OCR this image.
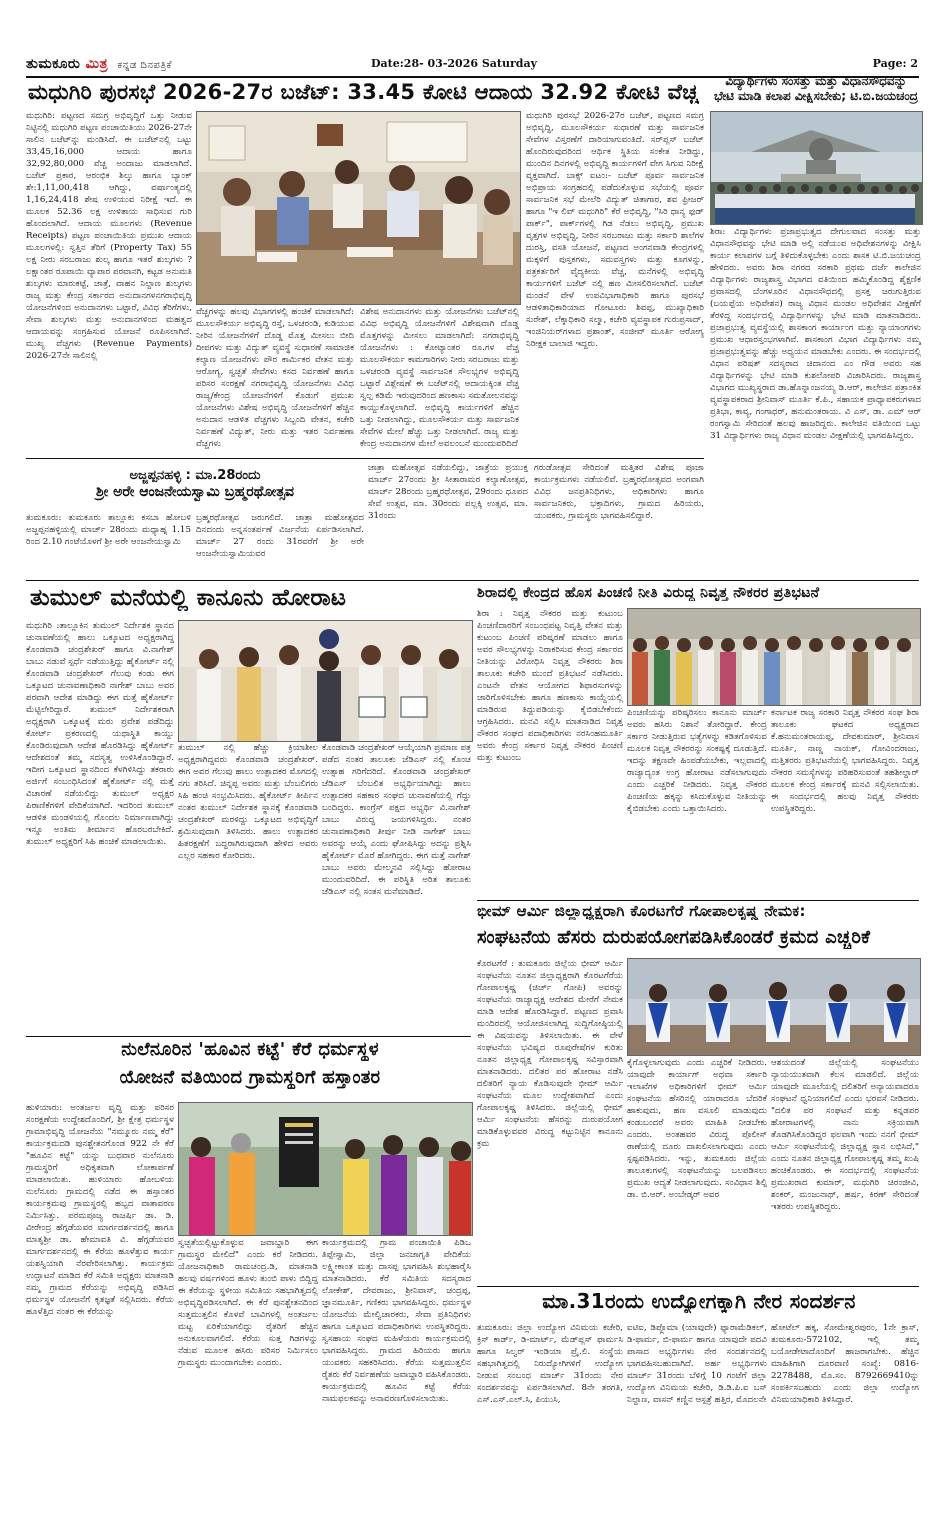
ತುಮಕೂರು ಮಿತ್ರ ಕನ್ನಡ ದಿನಪತ್ರಿಕೆ	Date:28- 03-2026 Saturday	Page: 2
ಮಧುಗಿರಿ ಪುರಸಭೆ 2026-27ರ ಬಜೆಟ್: 33.45 ಕೋಟಿ ಆದಾಯ 32.92 ಕೋಟಿ ವೆಚ್ಚ
ಮಧುಗಿರಿ: ಪಟ್ಟಣದ ಸಮಗ್ರ ಅಭಿವೃದ್ಧಿಗೆ ಒತ್ತು ನೀಡುವ ನಿಟ್ಟಿನಲ್ಲಿ ಮಧುಗಿರಿ ಪಟ್ಟಣ ಪಂಚಾಯಿತಿಯು 2026-27ನೇ ಸಾಲಿನ ಬಜೆಟ್‌ನ್ನು ಮಂಡಿಸಿದೆ. ಈ ಬಜೆಟ್‌ನಲ್ಲಿ ಒಟ್ಟು 33,45,16,000 ಆದಾಯ ಹಾಗೂ 32,92,80,000 ವೆಚ್ಚ ಅಂದಾಜು ಮಾಡಲಾಗಿದೆ. ಬಜೆಟ್ ಪ್ರಕಾರ, ಆರಂಭಿಕ ಶಿಲ್ಕು ಹಾಗೂ ಬ್ಯಾಂಕ್ ಶೇ:1,11,00,418 ಆಗಿದ್ದು, ವರ್ಷಾಂತ್ಯದಲ್ಲಿ 1,16,24,418 ಶೇಷ ಉಳಿಯುವ ನಿರೀಕ್ಷೆ ಇದೆ. ಈ ಮೂಲಕ 52.36 ಲಕ್ಷ ಉಳಿತಾಯ ಸಾಧಿಸುವ ಗುರಿ ಹೊಂದಲಾಗಿದೆ. ಆದಾಯ ಮೂಲಗಳು (Revenue Receipts) ಪಟ್ಟಣ ಪಂಚಾಯಿತಿಯ ಪ್ರಮುಖ ಆದಾಯ ಮೂಲಗಳಲ್ಲಿ: ಸ್ವತ್ತಿನ ತೆರಿಗೆ (Property Tax) 55 ಲಕ್ಷ ನೀರು ಸರಬರಾಜು ಶುಲ್ಕ ಹಾಗೂ ಇತರೆ ಶುಲ್ಕಗಳು ? ಲಕ್ಷಾಂತರ ರೂಪಾಯಿ ವ್ಯಾಪಾರ ಪರವಾನಗಿ, ಕಟ್ಟಡ ಅನುಮತಿ ಶುಲ್ಕಗಳು ಮಾರುಕಟ್ಟೆ, ಜಾತ್ರೆ, ವಾಹನ ನಿಲ್ದಾಣ ಶುಲ್ಕಗಳು ರಾಜ್ಯ ಮತ್ತು ಕೇಂದ್ರ ಸರ್ಕಾರದ ಅನುದಾನಗಳನಗರಾಭಿವೃದ್ಧಿ ಯೋಜನೆಗಳಿಂದ ಅನುದಾನಗಳು ಒಟ್ಟಾರೆ, ವಿವಿಧ ತೆರಿಗೆಗಳು, ಸೇವಾ ಶುಲ್ಕಗಳು ಮತ್ತು ಅನುದಾನಗಳಿಂದ ಮಹತ್ವದ ಆದಾಯವನ್ನು ಸಂಗ್ರಹಿಸುವ ಯೋಜನೆ ರೂಪಿಸಲಾಗಿದೆ. ಮುಖ್ಯ ವೆಚ್ಚಗಳು (Revenue Payments) 2026-27ನೇ ಸಾಲಿನಲ್ಲಿ
ವೆಚ್ಚಗಳನ್ನು ಹಲವು ವಿಭಾಗಗಳಲ್ಲಿ ಹಂಚಿಕೆ ಮಾಡಲಾಗಿದೆ: ಮೂಲಸೌಕರ್ಯ ಅಭಿವೃದ್ಧಿ ರಸ್ತೆ, ಒಳಚರಂಡಿ, ಕುಡಿಯುವ ನೀರಿನ ಯೋಜನೆಗಳಿಗೆ ದೊಡ್ಡ ಮೊತ್ತ ಮೀಸಲು ಬೀದಿ ದೀಪಗಳು ಮತ್ತು ವಿದ್ಯುತ್ ವ್ಯವಸ್ಥೆ ಸುಧಾರಣೆ ಸಾಮಾಜಿಕ ಕಲ್ಯಾಣ ಯೋಜನೆಗಳು ಪೌರ ಕಾರ್ಮಿಕರ ವೇತನ ಮತ್ತು ಆರೋಗ್ಯ, ಸ್ವಚ್ಛತೆ ಸೇವೆಗಳು ಕಸದ ನಿರ್ವಹಣೆ ಹಾಗೂ ಪರಿಸರ ಸಂರಕ್ಷಣೆ ನಗರಾಭಿವೃದ್ಧಿ ಯೋಜನೆಗಳು ವಿವಿಧ ರಾಜ್ಯ/ಕೇಂದ್ರ ಯೋಜನೆಗಳಿಗೆ ಕೊಡುಗೆ ಪ್ರಮುಖ ಯೋಜನೆಗಳು ವಿಶೇಷ ಅಭಿವೃದ್ಧಿ ಯೋಜನೆಗಳಿಗೆ ಹೆಚ್ಚಿನ ಅನುದಾನ ಆಡಳಿತ ವೆಚ್ಚಗಳು ಸಿಬ್ಬಂದಿ ವೇತನ, ಕಚೇರಿ ನಿರ್ವಹಣೆ ವಿದ್ಯುತ್, ನೀರು ಮತ್ತು ಇತರ ನಿರ್ವಹಣಾ ವೆಚ್ಚಗಳು
ವಿಶೇಷ ಅನುದಾನಗಳು ಮತ್ತು ಯೋಜನೆಗಳು ಬಜೆಟ್‌ನಲ್ಲಿ ವಿವಿಧ ಅಭಿವೃದ್ಧಿ ಯೋಜನೆಗಳಿಗೆ ವಿಶೇಷವಾಗಿ ದೊಡ್ಡ ಮೊತ್ತಗಳನ್ನು ಮೀಸಲು ಮಾಡಲಾಗಿದೆ: ನಗರಾಭಿವೃದ್ಧಿ ಯೋಜನೆಗಳು : ಕೋಟ್ಯಾಂತರ ರೂ.ಗಳ ವೆಚ್ಚ ಮೂಲಸೌಕರ್ಯ ಕಾಮಗಾರಿಗಳು ನೀರು ಸರಬರಾಜು ಮತ್ತು ಒಳಚರಂಡಿ ವ್ಯವಸ್ಥೆ ಸಾರ್ವಜನಿಕ ಸೌಲಭ್ಯಗಳ ಅಭಿವೃದ್ಧಿ ಒಟ್ಟಾರೆ ವಿಶ್ಲೇಷಣೆ ಈ ಬಜೆಟ್‌ನಲ್ಲಿ ಆದಾಯಕ್ಕಿಂತ ವೆಚ್ಚ ಸ್ವಲ್ಪ ಕಡಿಮೆ ಇರುವುದರಿಂದ ಹಣಕಾಸು ಸಮತೋಲನವನ್ನು ಕಾಯ್ದುಕೊಳ್ಳಲಾಗಿದೆ. ಅಭಿವೃದ್ಧಿ ಕಾರ್ಯಗಳಿಗೆ ಹೆಚ್ಚಿನ ಒತ್ತು ನೀಡಲಾಗಿದ್ದು, ಮೂಲಸೌಕರ್ಯ ಮತ್ತು ಸಾರ್ವಜನಿಕ ಸೇವೆಗಳ ಮೇಲೆ ಹೆಚ್ಚು ಒತ್ತು ನೀಡಲಾಗಿದೆ. ರಾಜ್ಯ ಮತ್ತು ಕೇಂದ್ರ ಅನುದಾನಗಳ ಮೇಲೆ ಅವಲಂಬನೆ ಮುಂದುವರಿದಿದೆ
ಮಧುಗಿರಿ ಪುರಸಭೆ 2026-27ರ ಬಜೆಟ್, ಪಟ್ಟಣದ ಸಮಗ್ರ ಅಭಿವೃದ್ಧಿ, ಮೂಲಸೌಕರ್ಯ ಸುಧಾರಣೆ ಮತ್ತು ಸಾರ್ವಜನಿಕ ಸೇವೆಗಳ ವಿಸ್ತರಣೆಗೆ ದಾರಿಯಾಗುವಂತಿದೆ. ಸರ್‌ಪ್ಲಸ್ ಬಜೆಟ್ ಹೊಂದಿರುವುದರಿಂದ ಆರ್ಥಿಕ ಸ್ಥಿತಿಯ ಸಂಕೇತ ನೀಡಿದ್ದು, ಮುಂದಿನ ದಿನಗಳಲ್ಲಿ ಅಭಿವೃದ್ಧಿ ಕಾರ್ಯಗಳಿಗೆ ವೇಗ ಸಿಗುವ ನಿರೀಕ್ಷೆ ವ್ಯಕ್ತವಾಗಿದೆ. ಬಾಕ್ಸ್ ಐಟಂ:- ಬಜೆಟ್ ಪೂರ್ವ ಸಾರ್ವಜನಿಕ ಅಭಿಪ್ರಾಯ ಸಂಗ್ರಹದಲ್ಲಿ ಪಡೆದುಕೊಳ್ಳುವ ಸಭೆಯಲ್ಲಿ ಪೂರ್ವ ಸಾರ್ವಜನಿಕ ಸಭೆ ಮೇಲೆರಿ ವಿದ್ಯುತ್ ಚಿತಾಗಾರ, ಶವ ಫ್ರೀಜರ್ ಹಾಗೂ "ಇ ಲಿವ್ ಮಧುಗಿರಿ" ಕೆರೆ ಅಭಿವೃದ್ಧಿ, "ಸಿರಿ ಧಾನ್ಯ ಫುಡ್ ಪಾರ್ಕ್", ಪಾರ್ಕ್‌ಗಳಲ್ಲಿ ಗಿಡ ನೆಡಲು ಅಭಿವೃದ್ಧಿ, ಪ್ರಮುಖ ವೃತ್ತಗಳ ಅಭಿವೃದ್ಧಿ, ನೀರಿನ ಸರಬರಾಜು ಮತ್ತು ಸರ್ಕಾರಿ ಶಾಲೆಗಳ ದುರಸ್ತಿ, ವಸತಿ ಯೋಜನೆ, ಪಟ್ಟಣದ ಅಂಗನವಾಡಿ ಕೇಂದ್ರಗಳಲ್ಲಿ ಮಕ್ಕಳಿಗೆ ಪುಸ್ತಕಗಳು, ಸಮವಸ್ತ್ರಗಳು ಮತ್ತು ಕೂಗಳನ್ನು, ಪತ್ರಕರ್ತರಿಗೆ ವೈದ್ಯಕೀಯ ವೆಚ್ಚ, ಮನೆಗಳಲ್ಲಿ ಅಭಿವೃದ್ಧಿ ಕಾರ್ಯಗಳಿಗೆ ಬಜೆಟ್ ನಲ್ಲಿ ಹಣ ಮೀಸಲಿರಿಸಲಾಗಿದೆ. ಬಜೆಟ್ ಮಂಡನೆ ವೇಳೆ ಉಪವಿಭಾಗಾಧಿಕಾರಿ ಹಾಗೂ ಪುರಸಭೆ ಆಡಳಿತಾಧಿಕಾರಿಯಾದ ಗೋಟೂರು ಶಿವಪ್ಪ, ಮುಖ್ಯಾಧಿಕಾರಿ ಸುರೇಶ್, ಲೆಕ್ಕಾಧಿಕಾರಿ ಸಲ್ಮಾ, ಕಚೇರಿ ವ್ಯವಸ್ಥಾಪಕ ಗುರುಪ್ರಸಾದ್, ಇಂಜಿನಿಯರ್‌ಗಳಾದ ಪ್ರಶಾಂತ್, ಸಂಜೀವ್ ಮೂರ್ತಿ ಆರೋಗ್ಯ ನಿರೀಕ್ಷಕ ಬಾಲಾಜಿ ಇದ್ದರು.
ವಿದ್ಯಾರ್ಥಿಗಳು ಸಂಸತ್ತು ಮತ್ತು ವಿಧಾನಸೌಧವನ್ನು
ಭೇಟಿ ಮಾಡಿ ಕಲಾಪ ವೀಕ್ಷಿಸಬೇಕು; ಟಿ.ಬಿ.ಜಯಚಂದ್ರ
ಶಿರಾ: ವಿದ್ಯಾರ್ಥಿಗಳು ಪ್ರಜಾಪ್ರಭುತ್ವದ ದೇಗುಲವಾದ ಸಂಸತ್ತು ಮತ್ತು ವಿಧಾನಸೌಧವನ್ನು ಭೇಟಿ ಮಾಡಿ ಅಲ್ಲಿ ನಡೆಯುವ ಅಧಿವೇಶನಗಳನ್ನು ವೀಕ್ಷಿಸಿ ಕಾರ್ಯ ಕಲಾಪಗಳ ಬಗ್ಗೆ ತಿಳಿದುಕೊಳ್ಳಬೇಕು ಎಂದು ಶಾಸಕ ಟಿ.ಬಿ.ಜಯಚಂದ್ರ ಹೇಳಿದರು. ಅವರು ಶಿರಾ ನಗರದ ಸರಕಾರಿ ಪ್ರಥಮ ದರ್ಜೆ ಕಾಲೇಜಿನ ವಿದ್ಯಾರ್ಥಿಗಳು ರಾಜ್ಯಶಾಸ್ತ್ರ ವಿಭಾಗದ ವತಿಯಿಂದ ಹಮ್ಮಿಕೊಂಡಿದ್ದ ಶೈಕ್ಷಣಿಕ ಪ್ರವಾಸದಲ್ಲಿ ಬೆಂಗಳೂರಿನ ವಿಧಾನಸೌಧದಲ್ಲಿ ಪ್ರಸಕ್ತ ಜರುಗುತ್ತಿರುವ (ಬಯಪ್ಪೆಯ ಅಧಿವೇಶನ) ರಾಜ್ಯ ವಿಧಾನ ಮಂಡಲ ಅಧಿವೇಶನ ವೀಕ್ಷಣೆಗೆ ತೆರಳಿದ್ದ ಸಂದರ್ಭದಲ್ಲಿ ವಿದ್ಯಾರ್ಥಿಗಳನ್ನು ಭೇಟಿ ಮಾಡಿ ಮಾತನಾಡಿದರು. ಪ್ರಜಾಪ್ರಭುತ್ವ ವ್ಯವಸ್ಥೆಯಲ್ಲಿ ಶಾಸಕಾಂಗ ಕಾರ್ಯಾಂಗ ಮತ್ತು ನ್ಯಾಯಾಂಗಗಳು ಪ್ರಮುಖ ಆಧಾರಸ್ತಂಭಗಳಾಗಿವೆ. ಶಾಸಕಾಂಗ ವಿಭಾಗ ವಿದ್ಯಾರ್ಥಿಗಳು ನಮ್ಮ ಪ್ರಜಾಪ್ರಭುತ್ವವನ್ನು ಹೆಚ್ಚು ಅಧ್ಯಯನ ಮಾಡಬೇಕು ಎಂದರು. ಈ ಸಂದರ್ಭದಲ್ಲಿ ವಿಧಾನ ಪರಿಷತ್ ಸದಸ್ಯರಾದ ಚಿದಾನಂದ ಎಂ ಗೌಡ ಅವರು ಸಹ ವಿದ್ಯಾರ್ಥಿಗಳನ್ನು ಭೇಟಿ ಮಾಡಿ ಕುಶಲೋಪರಿ ವಿಚಾರಿಸಿದರು. ರಾಜ್ಯಶಾಸ್ತ್ರ ವಿಭಾಗದ ಮುಖ್ಯಸ್ಥರಾದ ಡಾ.ಹೊನ್ನಾಂಜನಯ್ಯ ಡಿ.ಆರ್, ಕಾಲೇಜಿನ ಪತ್ರಾಂಕಿತ ವ್ಯವಸ್ಥಾಪಕರಾದ ಶ್ರೀನಿವಾಸ್ ಮೂರ್ತಿ ಕೆ.ಪಿ., ಸಹಾಯಕ ಪ್ರಾಧ್ಯಾಪಕರುಗಳಾದ ಪ್ರತಿಭಾ, ಕಾವ್ಯ, ಗಂಗಾಧರ್, ಹನುಮಂತರಾಯ. ವಿ ಎಸ್, ಡಾ. ಎಮ್ ಆರ್ ರಂಗಸ್ವಾಮಿ ಸೇರಿದಂತೆ ಹಲವು ಹಾಜರಿದ್ದರು. ಕಾಲೇಜಿನ ವತಿಯಿಂದ ಒಟ್ಟು 31 ವಿದ್ಯಾರ್ಥಿಗಳು ರಾಜ್ಯ ವಿಧಾನ ಮಂಡಲ ವೀಕ್ಷಣೆಯಲ್ಲಿ ಭಾಗವಹಿಸಿದ್ದರು.
ಅಜ್ಜಪ್ಪನಹಳ್ಳಿ : ಮಾ.28ರಂದು
ಶ್ರೀ ಅರೇ ಆಂಜನೇಯಸ್ವಾಮಿ ಬ್ರಹ್ಮರಥೋತ್ಸವ
ತುಮಕೂರು: ತುಮಕೂರು ತಾಲ್ಲೂಕು ಕಸಬಾ ಹೋಬಳಿ ಅಜ್ಜಪ್ಪನಹಳ್ಳಿಯಲ್ಲಿ ಮಾರ್ಚ್ 28ರಂದು ಮಧ್ಯಾಹ್ನ 1.15 ರಿಂದ 2.10 ಗಂಟೆಯೊಳಗೆ ಶ್ರೀ ಅರೇ ಆಂಜನೇಯಸ್ವಾಮಿ
ಬ್ರಹ್ಮರಥೋತ್ಸವ ಜರುಗಲಿದೆ. ಜಾತ್ರಾ ಮಹೋತ್ಸವದ ದಿನದಂದು ಅನ್ನಸಂತರ್ಪಣೆ ವಿರ್ಜನೆಯ ಏರ್ಪಡಿಸಲಾಗಿದೆ. ಮಾರ್ಚ್ 27 ರಂದು 31ರವರೆಗೆ ಶ್ರೀ ಅರೇ ಆಂಜನೇಯಸ್ವಾಮಿಯವರ
ಜಾತ್ರಾ ಮಹೋತ್ಸವ ನಡೆಯಲಿದ್ದು, ಜಾತ್ರೆಯ ಪ್ರಯುಕ್ತ ಮಾರ್ಚ್ 27ರಂದು ಶ್ರೀ ಸೀತಾರಾಮರ ಕಲ್ಯಾಣೋತ್ಸವ, ಮಾರ್ಚ್ 28ರಂದು ಬ್ರಹ್ಮರಥೋತ್ಸವ, 29ರಂದು ಧೂಪದ ಸೇವೆ ಉತ್ಸವ, ಮಾ. 30ರಂದು ಪಲ್ಲಕ್ಕಿ ಉತ್ಸವ, ಮಾ. 31ರಂದು
ಗರುಡೋತ್ಸವ ಸೇರಿದಂತೆ ಮತ್ತಿತರ ವಿಶೇಷ ಪೂಜಾ ಕಾರ್ಯಕ್ರಮಗಳು ನಡೆಯಲಿವೆ. ಬ್ರಹ್ಮರಥೋತ್ಸವದ ಅಂಗವಾಗಿ ವಿವಿಧ ಜನಪ್ರತಿನಿಧಿಗಳು, ಅಧಿಕಾರಿಗಳು ಹಾಗೂ ಸಾರ್ವಜನಿಕರು, ಭಕ್ತಾದಿಗಳು, ಗ್ರಾಮದ ಹಿರಿಯರು, ಯುವಕರು, ಗ್ರಾಮಸ್ಥರು ಭಾಗವಹಿಸಲಿದ್ದಾರೆ.
ತುಮುಲ್ ಮನೆಯಲ್ಲಿ ಕಾನೂನು ಹೋರಾಟ
ಮಧುಗಿರಿ :ತಾಲ್ಲೂಕಿನ ತುಮುಲ್ ನಿರ್ದೇಶಕ ಸ್ಥಾನದ ಚುನಾವಣೆಯಲ್ಲಿ ಹಾಲು ಒಕ್ಕೂಟದ ಅಧ್ಯಕ್ಷರಾಗಿದ್ದ ಕೊಂಡವಾಡಿ ಚಂದ್ರಶೇಖರ್ ಹಾಗೂ ವಿ.ನಾಗೇಶ್ ಬಾಬು ನಡುವೆ ಸ್ಪರ್ಧೆ ನಡೆಯುತ್ತಿದ್ದು ಹೈಕೋರ್ಟ್ ನಲ್ಲಿ ಕೊಂಡವಾಡಿ ಚಂದ್ರಶೇಖರ್ ಗೆಲುವು ಕಂಡು ಈಗ ಒಕ್ಕೂಟದ ಚುನಾವಣಾಧಿಕಾರಿ ನಾಗೇಶ್ ಬಾಬು ಅವರ ಪರವಾಗಿ ಆದೇಶ ಮಾಡಿದ್ದು ಈಗ ಮತ್ತೆ ಹೈಕೋರ್ಟ್ ಮೆಟ್ಟಿಲೇರಿದ್ದಾರೆ. ತುಮುಲ್ ನಿರ್ದೇಶಕರಾಗಿ ಅಧ್ಯಕ್ಷರಾಗಿ ಒಕ್ಕೂಟಕ್ಕೆ ಮರು ಪ್ರವೇಶ ಪಡೆದಿದ್ದು ಕೋರ್ಟ್ ಪ್ರಕರಣದಲ್ಲಿ ಯಥಾಸ್ಥಿತಿ ಕಾಯ್ದು ಕೊಂಡಿರುವುದಾಗಿ ಆದೇಶ ಹೊರಡಿಸಿದ್ದು ಹೈಕೋರ್ಟ್ ಆದೇಶದಂತೆ ತಮ್ಮ ಸದಸ್ಯತ್ವ ಉಳಿಸಿಕೊಂಡಿದ್ದಾರೆ. ಇದೀಗ ಒಕ್ಕೂಟದ ಸ್ಥಾನದಿಂದ ಕೆಳಗಿಳಿಸಿದ್ದು ತಕರಾರು ಅರ್ಜಿಗೆ ಸಂಬಂಧಿಸಿದಂತೆ ಹೈಕೋರ್ಟ್ ನಲ್ಲಿ ಮತ್ತೆ ವಿಚಾರಣೆ ನಡೆಯಲಿದ್ದು ತುಮುಲ್ ಅಧ್ಯಕ್ಷರ ಪಿಠಾಣಿಕೆಗಳಿಗೆ ವೇದಿಕೆಯಾಗಿದೆ. ಇದರಿಂದ ತುಮುಲ್ ಆಡಳಿತ ಮಂಡಳಿಯಲ್ಲಿ ಗೊಂದಲ ನಿರ್ಮಾಣವಾಗಿದ್ದು ಇನ್ನೂ ಅಂತಿಮ ತೀರ್ಮಾನ ಹೊರಬರಬೇಕಿದೆ. ತುಮುಲ್ ಅಧ್ಯಕ್ಷರಿಗೆ ಸಿಹಿ ಹಂಚಿಕೆ ಮಾಡಲಾಯಿತು.
ತುಮುಲ್ ನಲ್ಲಿ ಹೆಚ್ಚು ಕ್ರಿಯಾಶೀಲ ಅಧ್ಯಕ್ಷರಾಗಿದ್ದವರು ಕೊಂಡವಾಡಿ ಚಂದ್ರಶೇಖರ್. ಈಗ ಅವರ ಗೆಲುವು ಹಾಲು ಉತ್ಪಾದಕರ ಮೊಗದಲ್ಲಿ ನಗು ತರಿಸಿದೆ. ಚಿನ್ನಪ್ಪ ಅವರು ಮತ್ತು ಬೆಂಬಲಿಗರು ಸಿಹಿ ಹಂಚಿ ಸಂಭ್ರಮಿಸಿದರು. ಹೈಕೋರ್ಟ್ ತೀರ್ಪಿನ ನಂತರ ತುಮುಲ್ ನಿರ್ದೇಶಕ ಸ್ಥಾನಕ್ಕೆ ಕೊಂಡವಾಡಿ ಚಂದ್ರಶೇಖರ್ ಮರಳಿದ್ದು ಒಕ್ಕೂಟದ ಅಭಿವೃದ್ಧಿಗೆ ಶ್ರಮಿಸುವುದಾಗಿ ತಿಳಿಸಿದರು. ಹಾಲು ಉತ್ಪಾದಕರ ಹಿತರಕ್ಷಣೆಗೆ ಬದ್ಧರಾಗಿರುವುದಾಗಿ ಹೇಳಿದ ಅವರು ಎಲ್ಲರ ಸಹಕಾರ ಕೋರಿದರು.
ಕೊಂಡವಾಡಿ ಚಂದ್ರಶೇಖರ್ ಆಯ್ಕೆಯಾಗಿ ಪ್ರಮಾಣ ಪತ್ರ ಪಡೆದ ನಂತರ ತಾಲೂಕು ಜೆಡಿಎಸ್ ನಲ್ಲಿ ಕೊಂಚ ಉತ್ಸಾಹ ಗರಿಗೆದರಿದೆ. ಕೊಂಡವಾಡಿ ಚಂದ್ರಶೇಖರ್ ಜೆಡಿಎಸ್ ಬೆಂಬಲಿತ ಅಭ್ಯರ್ಥಿಯಾಗಿದ್ದು ಹಾಲು ಉತ್ಪಾದಕರ ಸಹಕಾರ ಸಂಘದ ಚುನಾವಣೆಯಲ್ಲಿ ಗೆದ್ದು ಬಂದಿದ್ದರು. ಕಾಂಗ್ರೆಸ್ ಪಕ್ಷದ ಅಭ್ಯರ್ಥಿ ವಿ.ನಾಗೇಶ್ ಬಾಬು ವಿರುದ್ಧ ಜಯಗಳಿಸಿದ್ದರು. ನಂತರ ಚುನಾವಣಾಧಿಕಾರಿ ತೀರ್ಪು ನೀಡಿ ನಾಗೇಶ್ ಬಾಬು ಅವರನ್ನು ಆಯ್ಕೆ ಎಂದು ಘೋಷಿಸಿದ್ದು ಅದನ್ನು ಪ್ರಶ್ನಿಸಿ ಹೈಕೋರ್ಟ್ ಮೊರೆ ಹೋಗಿದ್ದರು. ಈಗ ಮತ್ತೆ ನಾಗೇಶ್ ಬಾಬು ಅವರು ಮೇಲ್ಮನವಿ ಸಲ್ಲಿಸಿದ್ದು ಹೋರಾಟ ಮುಂದುವರಿದಿದೆ. ಈ ಪರಿಸ್ಥಿತಿ ಅರಿತ ತಾಲೂಕು ಜೆಡಿಎಸ್ ನಲ್ಲಿ ಸಂತಸ ಮನೆಮಾಡಿದೆ.
ಶಿರಾದಲ್ಲಿ ಕೇಂದ್ರದ ಹೊಸ ಪಿಂಚಣಿ ನೀತಿ ವಿರುದ್ಧ ನಿವೃತ್ತ ನೌಕರರ ಪ್ರತಿಭಟನೆ
ಶಿರಾ : ನಿವೃತ್ತ ನೌಕರರ ಮತ್ತು ಕುಟುಂಬ ಪಿಂಚಣಿದಾರರಿಗೆ ಸಂಬಂಧಪಟ್ಟ ನಿವೃತ್ತಿ ವೇತನ ಮತ್ತು ಕುಟುಂಬ ಪಿಂಚಣಿ ಪರಿಷ್ಕರಣೆ ಮಾಡಲು ಹಾಗೂ ಅವರ ಸೌಲಭ್ಯಗಳನ್ನು ನಿರಾಕರಿಸುವ ಕೇಂದ್ರ ಸರ್ಕಾರದ ನೀತಿಯನ್ನು ವಿರೋಧಿಸಿ ನಿವೃತ್ತ ನೌಕರರು ಶಿರಾ ತಾಲೂಕು ಕಚೇರಿ ಮುಂದೆ ಪ್ರತಿಭಟನೆ ನಡೆಸಿದರು. ಎಂಟನೇ ವೇತನ ಆಯೋಗದ ಶಿಫಾರಸುಗಳನ್ನು ಜಾರಿಗೊಳಿಸಬೇಕು ಹಾಗೂ ಹಣಕಾಸು ಕಾಯ್ದೆಯಲ್ಲಿ ಮಾಡಿರುವ ತಿದ್ದುಪಡಿಯನ್ನು ಕೈಬಿಡಬೇಕೆಂದು ಆಗ್ರಹಿಸಿದರು. ಮನವಿ ಸಲ್ಲಿಸಿ ಮಾತನಾಡಿದ ನಿವೃತ್ತ ನೌಕರರ ಸಂಘದ ಪದಾಧಿಕಾರಿಗಳು ನರಸಿಂಹಮೂರ್ತಿ ಅವರು ಕೇಂದ್ರ ಸರ್ಕಾರ ನಿವೃತ್ತ ನೌಕರರ ಪಿಂಚಣಿ ಮತ್ತು ಕುಟುಂಬ
ಪಿಂಚಣಿಯನ್ನು ಪರಿಷ್ಕರಿಸಲು ಕಾನೂನು ಮಾರ್ಚ್ ಅವರು ಹಸಿರು ನಿಶಾನೆ ತೋರಿದ್ದಾರೆ. ಕೇಂದ್ರ ಸರ್ಕಾರ ನೀಡುತ್ತಿರುವ ಭತ್ಯೆಗಳನ್ನು ಕಡಿತಗೊಳಿಸುವ ಮೂಲಕ ನಿವೃತ್ತ ನೌಕರರನ್ನು ಸಂಕಷ್ಟಕ್ಕೆ ದೂಡುತ್ತಿದೆ. ಇದನ್ನು ತಕ್ಷಣವೇ ಹಿಂಪಡೆಯಬೇಕು, ಇಲ್ಲವಾದಲ್ಲಿ ರಾಜ್ಯಾದ್ಯಂತ ಉಗ್ರ ಹೋರಾಟ ನಡೆಸಲಾಗುವುದು ಎಂದು ಎಚ್ಚರಿಕೆ ನೀಡಿದರು. ನಿವೃತ್ತ ನೌಕರರ ಪಿಂಚಣಿಯ ಹಕ್ಕನ್ನು ಕಸಿದುಕೊಳ್ಳುವ ನೀತಿಯನ್ನು ಕೈಬಿಡಬೇಕು ಎಂದು ಒತ್ತಾಯಿಸಿದರು.
ಕರ್ನಾಟಕ ರಾಜ್ಯ ಸರಕಾರಿ ನಿವೃತ್ತ ನೌಕರರ ಸಂಘ ಶಿರಾ ತಾಲೂಕು ಘಟಕದ ಅಧ್ಯಕ್ಷರಾದ ಕೆ.ಹನುಮಂತರಾಯಪ್ಪ, ದೇವಕುಮಾರ್, ಶ್ರೀನಿವಾಸ ಮೂರ್ತಿ, ನಾಣ್ಣ ನಾಯಕ್, ಗೋವಿಂದರಾಜು, ಮತ್ತಿತರರು ಪ್ರತಿಭಟನೆಯಲ್ಲಿ ಭಾಗವಹಿಸಿದ್ದರು. ನಿವೃತ್ತ ನೌಕರರ ಸಮಸ್ಯೆಗಳನ್ನು ಪರಿಹರಿಸುವಂತೆ ತಹಶೀಲ್ದಾರ್ ಮೂಲಕ ಕೇಂದ್ರ ಸರ್ಕಾರಕ್ಕೆ ಮನವಿ ಸಲ್ಲಿಸಲಾಯಿತು. ಈ ಸಂದರ್ಭದಲ್ಲಿ ಹಲವು ನಿವೃತ್ತ ನೌಕರರು ಉಪಸ್ಥಿತರಿದ್ದರು.
ಭೀಮ್ ಆರ್ಮಿ ಜಿಲ್ಲಾಧ್ಯಕ್ಷರಾಗಿ ಕೊರಟಗೆರೆ ಗೋಪಾಲಕೃಷ್ಣ ನೇಮಕ:
ಸಂಘಟನೆಯ ಹೆಸರು ದುರುಪಯೋಗಪಡಿಸಿಕೊಂಡರೆ ಕ್ರಮದ ಎಚ್ಚರಿಕೆ
ಕೊರಟಗೆರೆ : ತುಮಕೂರು ಜಿಲ್ಲೆಯ ಭೀಮ್ ಆರ್ಮಿ ಸಂಘಟನೆಯ ನೂತನ ಜಿಲ್ಲಾಧ್ಯಕ್ಷರಾಗಿ ಕೊರಟಗೆರೆಯ ಗೋಪಾಲಕೃಷ್ಣ (ಚಿರ್ಚ್ ಗೋಪಿ) ಅವರನ್ನು ಸಂಘಟನೆಯ ರಾಜ್ಯಾಧ್ಯಕ್ಷ ಆದೇಶದ ಮೇರೆಗೆ ನೇಮಕ ಮಾಡಿ ಆದೇಶ ಹೊರಡಿಸಿದ್ದಾರೆ. ಪಟ್ಟಣದ ಪ್ರವಾಸಿ ಮಂದಿರದಲ್ಲಿ ಆಯೋಜಿಸಲಾಗಿದ್ದ ಸುದ್ದಿಗೋಷ್ಠಿಯಲ್ಲಿ ಈ ವಿಷಯವನ್ನು ತಿಳಿಸಲಾಯಿತು. ಈ ವೇಳೆ ಸಂಘಟನೆಯ ಭವಿಷ್ಯದ ರೂಪುರೇಷೆಗಳ ಕುರಿತು ನೂತನ ಜಿಲ್ಲಾಧ್ಯಕ್ಷ ಗೋಪಾಲಕೃಷ್ಣ ಸವಿಸ್ತಾರವಾಗಿ ಮಾತನಾಡಿದರು. ದಲಿತರ ಪರ ಹೋರಾಟ ನಡೆಸಿ ದಲಿತರಿಗೆ ನ್ಯಾಯ ಕೊಡಿಸುವುದೇ ಭೀಮ್ ಆರ್ಮಿ ಸಂಘಟನೆಯ ಮೂಲ ಉದ್ದೇಶವಾಗಿದೆ ಎಂದು ಗೋಪಾಲಕೃಷ್ಣ ತಿಳಿಸಿದರು. ಜಿಲ್ಲೆಯಲ್ಲಿ ಭೀಮ್ ಆರ್ಮಿ ಸಂಘಟನೆಯ ಹೆಸರನ್ನು ದುರುಪಯೋಗ ಮಾಡಿಕೊಳ್ಳುವವರ ವಿರುದ್ಧ ಕಟ್ಟುನಿಟ್ಟಿನ ಕಾನೂನು ಕ್ರಮ
ಕೈಗೊಳ್ಳಲಾಗುವುದು ಎಂದು ಎಚ್ಚರಿಕೆ ನೀಡಿದರು. ಯಾವುದೇ ಕಾರ್ಯಾಗ್ ಅಥವಾ ಸರ್ಕಾರಿ ಇಲಾಖೆಗಳ ಅಧಿಕಾರಿಗಳಿಗೆ ಭೀಮ್ ಆರ್ಮಿ ಸಂಘಟನೆಯ ಹೆಸರಿನಲ್ಲಿ ಯಾರಾದರೂ ಬೆದರಿಕೆ ಹಾಕುವುದು, ಹಣ ವಸೂಲಿ ಮಾಡುವುದು ಕಂಡುಬಂದರೆ ಅವರು ಮಾಹಿತಿ ನೀಡಬೇಕು ಎಂದರು. ಅಂತಹವರ ವಿರುದ್ಧ ಪೊಲೀಸ್ ಠಾಣೆಯಲ್ಲಿ ದೂರು ದಾಖಲಿಸಲಾಗುವುದು ಎಂದು ಸ್ಪಷ್ಟಪಡಿಸಿದರು. ಇನ್ನು, ತುಮಕೂರು ಜಿಲ್ಲೆಯ ತಾಲೂಕುಗಳಲ್ಲಿ ಸಂಘಟನೆಯನ್ನು ಬಲಪಡಿಸಲು ಪ್ರಮುಖ ಆದ್ಯತೆ ನೀಡಲಾಗುವುದು. ಸಂವಿಧಾನ ಶಿಲ್ಪಿ ಡಾ. ಬಿ.ಆರ್. ಅಂಬೇಡ್ಕರ್ ಅವರ
ಆಶಯದಂತೆ ಜಿಲ್ಲೆಯಲ್ಲಿ ಸಂಘಟನೆಯು ನ್ಯಾಯಯುತವಾಗಿ ಕೆಲಸ ಮಾಡಲಿದೆ. ಜಿಲ್ಲೆಯ ಯಾವುದೇ ಮೂಲೆಯಲ್ಲಿ ದಲಿತರಿಗೆ ಅನ್ಯಾಯವಾದರೂ ಸಂಘಟನೆ ಧ್ವನಿಯಾಗಲಿದೆ ಎಂದು ಭರವಸೆ ನೀಡಿದರು. "ದಲಿತ ಪರ ಸಂಘಟನೆ ಮತ್ತು ಕನ್ನಡಪರ ಹೋರಾಟಗಳಲ್ಲಿ ನಾನು ಸಕ್ರಿಯವಾಗಿ ತೊಡಗಿಸಿಕೊಂಡಿದ್ದರ ಫಲವಾಗಿ ಇಂದು ನನಗೆ ಭೀಮ್ ಆರ್ಮಿ ಸಂಘಟನೆಯಲ್ಲಿ ಜಿಲ್ಲಾಧ್ಯಕ್ಷ ಸ್ಥಾನ ಲಭಿಸಿದೆ," ಎಂದು ನೂತನ ಜಿಲ್ಲಾಧ್ಯಕ್ಷ ಗೋಪಾಲಕೃಷ್ಣ ತಮ್ಮ ಖುಷಿ ಹಂಚಿಕೊಂಡರು. ಈ ಸಂದರ್ಭದಲ್ಲಿ ಸಂಘಟನೆಯ ಪ್ರಮುಖರಾದ ಕುಮಾರ್, ಮಧುಗಿರಿ ಚಿರಂಜೀವಿ, ಶಂಕರ್, ಮಂಜುನಾಥ್, ಹರ್ಷ, ಕಿರಣ್ ಸೇರಿದಂತೆ ಇತರರು ಉಪಸ್ಥಿತರಿದ್ದರು.
ನುಲೆನೂರಿನ 'ಹೂವಿನ ಕಟ್ಟೆ' ಕೆರೆ ಧರ್ಮಸ್ಥಳ
ಯೋಜನೆ ವತಿಯಿಂದ ಗ್ರಾಮಸ್ಥರಿಗೆ ಹಸ್ತಾಂತರ
ಹುಳಿಯಾರು: ಅಂತರ್ಜಲ ವೃದ್ಧಿ ಮತ್ತು ಪರಿಸರ ಸಂರಕ್ಷಣೆಯ ಉದ್ದೇಶದೊಂದಿಗೆ, ಶ್ರೀ ಕ್ಷೇತ್ರ ಧರ್ಮಸ್ಥಳ ಗ್ರಾಮಾಭಿವೃದ್ಧಿ ಯೋಜನೆಯ "ನಮ್ಮೂರು ನಮ್ಮ ಕೆರೆ" ಕಾರ್ಯಕ್ರಮದಡಿ ಪುನಶ್ಚೇತನಗೊಂಡ 922 ನೇ ಕೆರೆ "ಹೂವಿನ ಕಟ್ಟೆ" ಯನ್ನು ಬುಧವಾರ ನುಲೆನೂರು ಗ್ರಾಮಸ್ಥರಿಗೆ ಅಧಿಕೃತವಾಗಿ ಲೋಕಾರ್ಪಣೆ ಮಾಡಲಾಯಿತು. ಹುಳಿಯಾರು ಹೋಬಳಿಯ ನುಲೆನೂರು ಗ್ರಾಮದಲ್ಲಿ ನಡೆದ ಈ ಹಸ್ತಾಂತರ ಕಾರ್ಯಕ್ರಮವು ಗ್ರಾಮಸ್ಥರಲ್ಲಿ ಹಬ್ಬದ ವಾತಾವರಣ ನಿರ್ಮಿಸಿತ್ತು. ಪರಮಪೂಜ್ಯ ರಾಜರ್ಷಿ ಡಾ. ಡಿ. ವೀರೇಂದ್ರ ಹೆಗ್ಗಡೆಯವರ ಮಾರ್ಗದರ್ಶನದಲ್ಲಿ ಹಾಗೂ ಮಾತೃಶ್ರೀ ಡಾ. ಹೇಮಾವತಿ ವಿ. ಹೆಗ್ಗಡೆಯವರ ಮಾರ್ಗದರ್ಶನದಲ್ಲಿ ಈ ಕೆರೆಯ ಹೂಳೆತ್ತುವ ಕಾರ್ಯ ಯಶಸ್ವಿಯಾಗಿ ನೆರವೇರಿಸಲಾಗಿತ್ತು. ಕಾರ್ಯಕ್ರಮ ಉದ್ಘಾಟನೆ ಮಾಡಿದ ಕೆರೆ ಸಮಿತಿ ಅಧ್ಯಕ್ಷರು ಮಾತನಾಡಿ ನಮ್ಮ ಗ್ರಾಮದ ಕೆರೆಯನ್ನು ಅಭಿವೃದ್ಧಿ ಪಡಿಸಿದ ಧರ್ಮಸ್ಥಳ ಯೋಜನೆಗೆ ಕೃತಜ್ಞತೆ ಸಲ್ಲಿಸಿದರು. ಕೆರೆಯ ಹೂಳೆತ್ತಿದ ನಂತರ ಈ ಕೆರೆಯನ್ನು
ಸ್ವಚ್ಛತೆಯಲ್ಲಿಟ್ಟುಕೊಳ್ಳುವ ಜವಾಬ್ದಾರಿ ಈಗ ಗ್ರಾಮಸ್ಥರ ಮೇಲಿದೆ" ಎಂದು ಕರೆ ನೀಡಿದರು. ಯೋಜನಾಧಿಕಾರಿ ರಾಮಚಂದ್ರ.ಡಿ, ಮಾತನಾಡಿ ಹಲವು ವರ್ಷಗಳಿಂದ ಹೂಳು ತುಂಬಿ ಪಾಳು ಬಿದ್ದಿದ್ದ ಈ ಕೆರೆಯನ್ನು ಸ್ಥಳೀಯ ಸಮಿತಿಯ ಸಹಭಾಗಿತ್ವದಲ್ಲಿ ಅಭಿವೃದ್ಧಿಪಡಿಸಲಾಗಿದೆ. ಈ ಕೆರೆ ಪುನಶ್ಚೇತನದಿಂದ ಸುತ್ತಮುತ್ತಲಿನ ಕೊಳವೆ ಬಾವಿಗಳಲ್ಲಿ ಅಂತರ್ಜಲ ಮಟ್ಟ ಏರಿಕೆಯಾಗಲಿದ್ದು ರೈತರಿಗೆ ಹೆಚ್ಚಿನ ಅನುಕೂಲವಾಗಲಿದೆ. ಕೆರೆಯ ಸುತ್ತ ಗಿಡಗಳನ್ನು ನೆಡುವ ಮೂಲಕ ಹಸಿರು ಪರಿಸರ ನಿರ್ಮಿಸಲು ಗ್ರಾಮಸ್ಥರು ಮುಂದಾಗಬೇಕು ಎಂದರು.
ಕಾರ್ಯಕ್ರಮದಲ್ಲಿ ಗ್ರಾಮ ಪಂಚಾಯಿತಿ ಪಿಡಿಒ ತಿಪ್ಪೇಸ್ವಾಮಿ, ಜಿಲ್ಲಾ ಜನಜಾಗೃತಿ ವೇದಿಕೆಯ ಲಕ್ಷ್ಮೀಕಾಂತ ಮತ್ತು ದಾಸಪ್ಪ ಭಾಗವಹಿಸಿ ಶುಭಹಾರೈಸಿ ಮಾತನಾಡಿದರು. ಕೆರೆ ಸಮಿತಿಯ ಸದಸ್ಯರಾದ ಲೋಕೇಶ್, ದೇವರಾಜು, ಶ್ರೀನಿವಾಸ್, ಚಂದ್ರಪ್ಪ, ಜ್ಞಾನಮೂರ್ತಿ, ಗಣಿಕರು ಭಾಗವಹಿಸಿದ್ದರು. ಧರ್ಮಸ್ಥಳ ಯೋಜನೆಯ ಮೇಲ್ವಿಚಾರಕರು, ಸೇವಾ ಪ್ರತಿನಿಧಿಗಳು ಹಾಗೂ ಒಕ್ಕೂಟದ ಪದಾಧಿಕಾರಿಗಳು ಉಪಸ್ಥಿತರಿದ್ದರು. ಸ್ವಸಹಾಯ ಸಂಘದ ಮಹಿಳೆಯರು ಕಾರ್ಯಕ್ರಮದಲ್ಲಿ ಭಾಗವಹಿಸಿದ್ದರು. ಗ್ರಾಮದ ಹಿರಿಯರು ಹಾಗೂ ಯುವಕರು ಸಹಕರಿಸಿದರು. ಕೆರೆಯ ಸುತ್ತಮುತ್ತಲಿನ ರೈತರು ಕೆರೆ ನಿರ್ವಹಣೆಯ ಜವಾಬ್ದಾರಿ ವಹಿಸಿಕೊಂಡರು. ಕಾರ್ಯಕ್ರಮದಲ್ಲಿ ಹೂವಿನ ಕಟ್ಟೆ ಕೆರೆಯ ನಾಮಫಲಕವನ್ನು ಅನಾವರಣಗೊಳಿಸಲಾಯಿತು.
ಮಾ.31ರಂದು ಉದ್ಯೋಗಕ್ಕಾಗಿ ನೇರ ಸಂದರ್ಶನ
ತುಮಕೂರು: ಜಿಲ್ಲಾ ಉದ್ಯೋಗ ವಿನಿಮಯ ಕಚೇರಿ, ಕ್ರಿಸ್ ಕಾರ್ಡ್, ಡಿ-ಮಾರ್ಟ್, ಮೆಡ್‌ಪ್ಲಸ್ ಫಾರ್ಮಸಿ ಹಾಗೂ ಸಿಲ್ವರ್ ಇಂಡಿಯಾ ಪ್ರೈ.ಲಿ. ಸಂಸ್ಥೆಯ ಸಹಭಾಗಿತ್ವದಲ್ಲಿ ನಿರುದ್ಯೋಗಿಗಳಿಗೆ ಉದ್ಯೋಗ ನೀಡುವ ಸಂಬಂಧ ಮಾರ್ಚ್ 31ರಂದು ನೇರ ಸಂದರ್ಶನವನ್ನು ಏರ್ಪಡಿಸಲಾಗಿದೆ. 8ನೇ ತರಗತಿ, ಎಸ್.ಎಸ್.ಎಲ್.ಸಿ, ಪಿಯುಸಿ,
ಐಟಿಐ, ಡಿಪ್ಲೊಮಾ (ಯಾವುದೇ) ಫ್ಯಾರಾಮೆಡಿಕಲ್, ಡಿ-ಫಾರ್ಮ, ಬಿ-ಫಾರ್ಮ ಹಾಗೂ ಯಾವುದೇ ಪದವಿ ಪಾಸಾದ ಅಭ್ಯರ್ಥಿಗಳು ನೇರ ಸಂದರ್ಶನದಲ್ಲಿ ಭಾಗವಹಿಸಬಹುದಾಗಿದೆ. ಅರ್ಹ ಅಭ್ಯರ್ಥಿಗಳು ಮಾರ್ಚ್ 31ರಂದು ಬೆಳಿಗ್ಗೆ 10 ಗಂಟೆಗೆ ಜಿಲ್ಲಾ ಉದ್ಯೋಗ ವಿನಿಮಯ ಕಚೇರಿ, ಡಿ.ಡಿ.ಪಿ.ಐ ಬಸ್ ನಿಲ್ದಾಣ, ವಾಸನ್ ಕಣ್ಣಿನ ಆಸ್ಪತ್ರೆ ಹತ್ತಿರ, ಮೊದಲನೇ
ಹೋಟೆಲ್ ಹಕ್ಕ, ಸೋಮೇಶ್ವರಪುರಂ, 1ನೇ ಕ್ರಾಸ್, ತುಮಕೂರು-572102, ಇಲ್ಲಿ ತಮ್ಮ ಬಯೋಡೇಟಾದೊಂದಿಗೆ ಹಾಜರಾಗಬೇಕು. ಹೆಚ್ಚಿನ ಮಾಹಿತಿಗಾಗಿ ದೂರವಾಣಿ ಸಂಖ್ಯೆ: 0816-2278488, ಮೊ.ಸಂ. 8792669410ನ್ನು ಸಂಪರ್ಕಿಸಬಹುದು ಎಂದು ಜಿಲ್ಲಾ ಉದ್ಯೋಗ ವಿನಿಮಯಾಧಿಕಾರಿ ತಿಳಿಸಿದ್ದಾರೆ.
